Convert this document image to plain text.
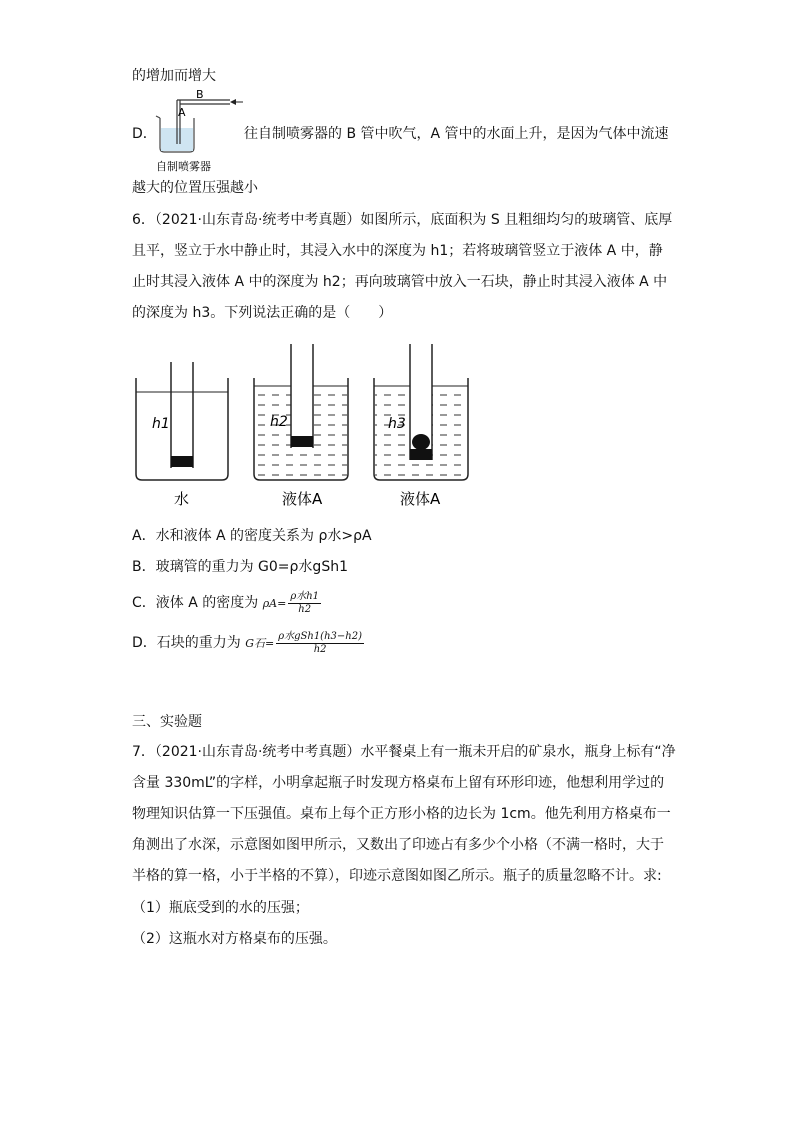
的增加而增大
D．
B
A
自制喷雾器
往自制喷雾器的 B 管中吹气，A 管中的水面上升，是因为气体中流速
越大的位置压强越小
6．（2021·山东青岛·统考中考真题）如图所示，底面积为 S 且粗细均匀的玻璃管、底厚
且平，竖立于水中静止时，其浸入水中的深度为 h1；若将玻璃管竖立于液体 A 中，静
止时其浸入液体 A 中的深度为 h2；再向玻璃管中放入一石块，静止时其浸入液体 A 中
的深度为 h3。下列说法正确的是（　　）
h1
水
h2
液体A
h3
液体A
A．水和液体 A 的密度关系为 ρ水>ρA
B．玻璃管的重力为 G0=ρ水gSh1
C．液体 A 的密度为 $\rho A= \frac{\text{ρ水h1}}{h2}$
D．石块的重力为 G石= $\frac{\text{ρ水gSh1(h3−h2)}}{h2}$
三、实验题
7．（2021·山东青岛·统考中考真题）水平餐桌上有一瓶未开启的矿泉水，瓶身上标有“净
含量 330mL”的字样，小明拿起瓶子时发现方格桌布上留有环形印迹，他想利用学过的
物理知识估算一下压强值。桌布上每个正方形小格的边长为 1cm。他先利用方格桌布一
角测出了水深，示意图如图甲所示，又数出了印迹占有多少个小格（不满一格时，大于
半格的算一格，小于半格的不算），印迹示意图如图乙所示。瓶子的质量忽略不计。求:
（1）瓶底受到的水的压强；
（2）这瓶水对方格桌布的压强。
